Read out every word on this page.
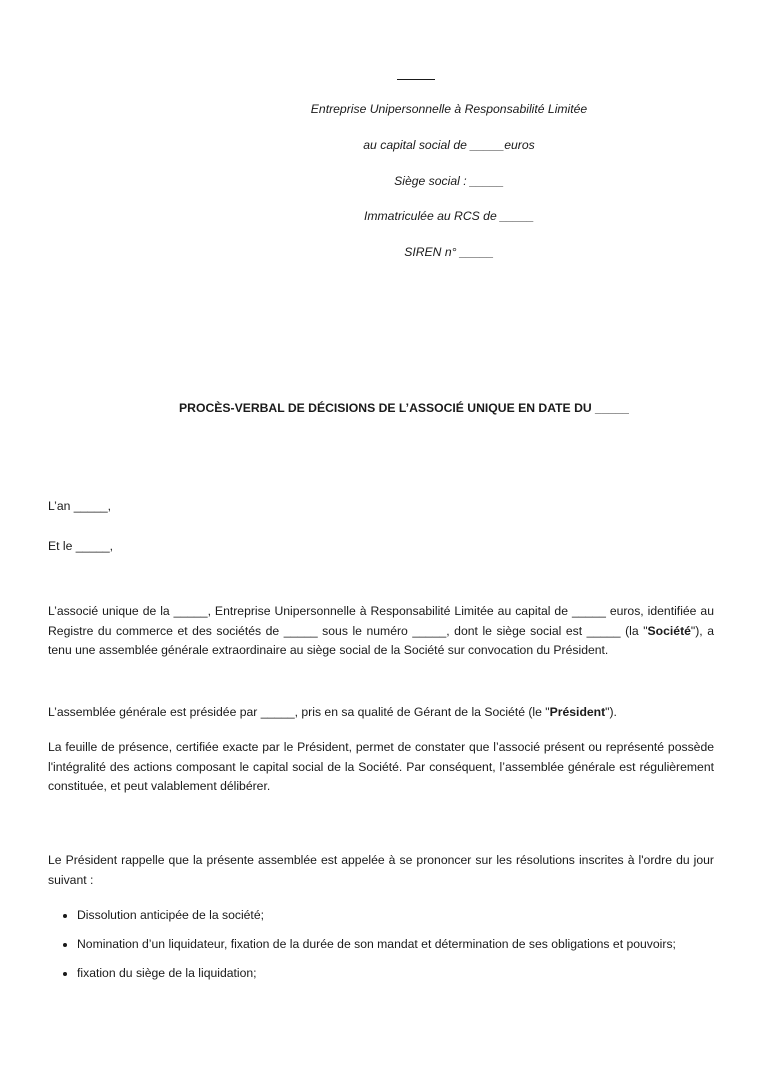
Entreprise Unipersonnelle à Responsabilité Limitée

au capital social de _____euros

Siège social : _____

Immatriculée au RCS de _____

SIREN n° _____

PROCÈS-VERBAL DE DÉCISIONS DE L’ASSOCIÉ UNIQUE EN DATE DU _____

L’an _____,

Et le _____,

L’associé unique de la _____, Entreprise Unipersonnelle à Responsabilité Limitée au capital de _____ euros, identifiée au Registre du commerce et des sociétés de _____ sous le numéro _____, dont le siège social est _____ (la "Société"), a tenu une assemblée générale extraordinaire au siège social de la Société sur convocation du Président.

L’assemblée générale est présidée par _____, pris en sa qualité de Gérant de la Société (le "Président").

La feuille de présence, certifiée exacte par le Président, permet de constater que l’associé présent ou représenté possède l'intégralité des actions composant le capital social de la Société. Par conséquent, l’assemblée générale est régulièrement constituée, et peut valablement délibérer.

Le Président rappelle que la présente assemblée est appelée à se prononcer sur les résolutions inscrites à l'ordre du jour suivant :

Dissolution anticipée de la société;
Nomination d’un liquidateur, fixation de la durée de son mandat et détermination de ses obligations et pouvoirs;
fixation du siège de la liquidation;
